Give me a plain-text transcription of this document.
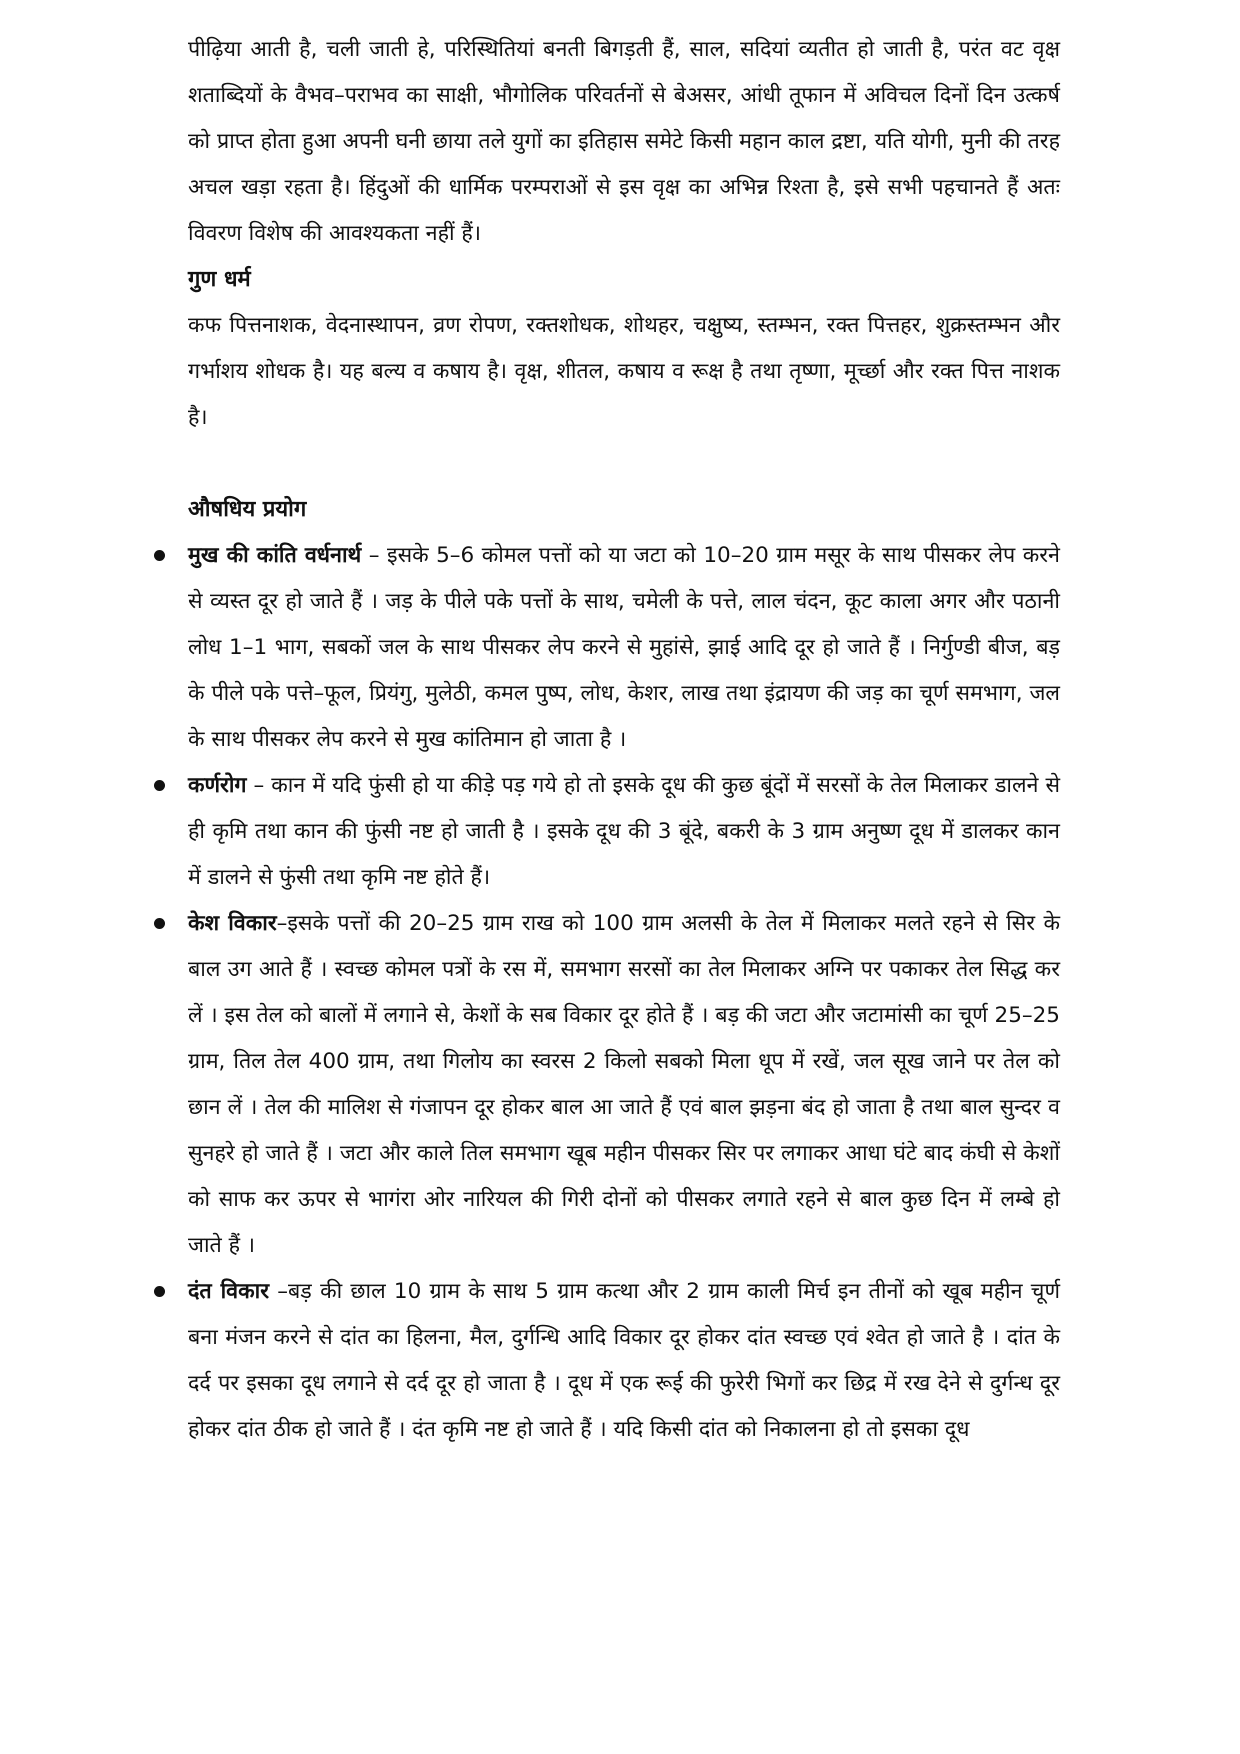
पीढ़िया आती है, चली जाती हे, परिस्थितियां बनती बिगड़ती हैं, साल, सदियां व्यतीत हो जाती है, परंत वट वृक्ष शताब्दियों के वैभव–पराभव का साक्षी, भौगोलिक परिवर्तनों से बेअसर, आंधी तूफान में अविचल दिनों दिन उत्कर्ष को प्राप्त होता हुआ अपनी घनी छाया तले युगों का इतिहास समेटे किसी महान काल द्रष्टा, यति योगी, मुनी की तरह अचल खड़ा रहता है। हिंदुओं की धार्मिक परम्पराओं से इस वृक्ष का अभिन्न रिश्ता है, इसे सभी पहचानते हैं अतः विवरण विशेष की आवश्यकता नहीं हैं।

गुण धर्म

कफ पित्तनाशक, वेदनास्थापन, व्रण रोपण, रक्तशोधक, शोथहर, चक्षुष्य, स्तम्भन, रक्त पित्तहर, शुक्रस्तम्भन और गर्भाशय शोधक है। यह बल्य व कषाय है। वृक्ष, शीतल, कषाय व रूक्ष है तथा तृष्णा, मूर्च्छा और रक्त पित्त नाशक है।

औषधिय प्रयोग
मुख की कांति वर्धनार्थ – इसके 5–6 कोमल पत्तों को या जटा को 10–20 ग्राम मसूर के साथ पीसकर लेप करने से व्यस्त दूर हो जाते हैं । जड़ के पीले पके पत्तों के साथ, चमेली के पत्ते, लाल चंदन, कूट काला अगर और पठानी लोध 1–1 भाग, सबकों जल के साथ पीसकर लेप करने से मुहांसे, झाई आदि दूर हो जाते हैं । निर्गुण्डी बीज, बड़ के पीले पके पत्ते–फूल, प्रियंगु, मुलेठी, कमल पुष्प, लोध, केशर, लाख तथा इंद्रायण की जड़ का चूर्ण समभाग, जल के साथ पीसकर लेप करने से मुख कांतिमान हो जाता है ।
कर्णरोग – कान में यदि फुंसी हो या कीड़े पड़ गये हो तो इसके दूध की कुछ बूंदों में सरसों के तेल मिलाकर डालने से ही कृमि तथा कान की फुंसी नष्ट हो जाती है । इसके दूध की 3 बूंदे, बकरी के 3 ग्राम अनुष्ण दूध में डालकर कान में डालने से फुंसी तथा कृमि नष्ट होते हैं।
केश विकार–इसके पत्तों की 20–25 ग्राम राख को 100 ग्राम अलसी के तेल में मिलाकर मलते रहने से सिर के बाल उग आते हैं । स्वच्छ कोमल पत्रों के रस में, समभाग सरसों का तेल मिलाकर अग्नि पर पकाकर तेल सिद्ध कर लें । इस तेल को बालों में लगाने से, केशों के सब विकार दूर होते हैं । बड़ की जटा और जटामांसी का चूर्ण 25–25 ग्राम, तिल तेल 400 ग्राम, तथा गिलोय का स्वरस 2 किलो सबको मिला धूप में रखें, जल सूख जाने पर तेल को छान लें । तेल की मालिश से गंजापन दूर होकर बाल आ जाते हैं एवं बाल झड़ना बंद हो जाता है तथा बाल सुन्दर व सुनहरे हो जाते हैं । जटा और काले तिल समभाग खूब महीन पीसकर सिर पर लगाकर आधा घंटे बाद कंघी से केशों को साफ कर ऊपर से भागंरा ओर नारियल की गिरी दोनों को पीसकर लगाते रहने से बाल कुछ दिन में लम्बे हो जाते हैं ।
दंत विकार –बड़ की छाल 10 ग्राम के साथ 5 ग्राम कत्था और 2 ग्राम काली मिर्च इन तीनों को खूब महीन चूर्ण बना मंजन करने से दांत का हिलना, मैल, दुर्गन्धि आदि विकार दूर होकर दांत स्वच्छ एवं श्वेत हो जाते है । दांत के दर्द पर इसका दूध लगाने से दर्द दूर हो जाता है । दूध में एक रूई की फुरेरी भिगों कर छिद्र में रख देने से दुर्गन्ध दूर होकर दांत ठीक हो जाते हैं । दंत कृमि नष्ट हो जाते हैं । यदि किसी दांत को निकालना हो तो इसका दूध
